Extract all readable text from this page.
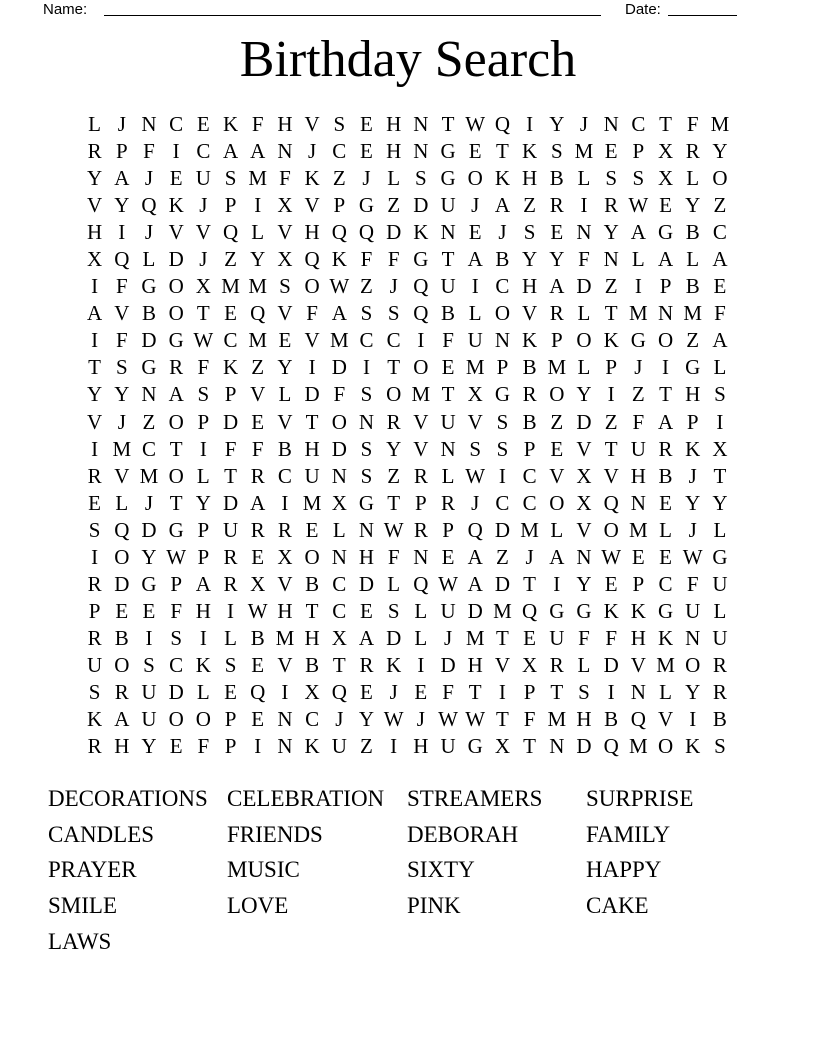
Name:	Date:
Birthday Search
L J N C E K F H V S E H N T W Q I Y J N C T F M
R P F I C A A N J C E H N G E T K S M E P X R Y
Y A J E U S M F K Z J L S G O K H B L S S X L O
V Y Q K J P I X V P G Z D U J A Z R I R W E Y Z
H I J V V Q L V H Q Q D K N E J S E N Y A G B C
X Q L D J Z Y X Q K F F G T A B Y Y F N L A L A
I F G O X M M S O W Z J Q U I C H A D Z I P B E
A V B O T E Q V F A S S Q B L O V R L T M N M F
I F D G W C M E V M C C I F U N K P O K G O Z A
T S G R F K Z Y I D I T O E M P B M L P J I G L
Y Y N A S P V L D F S O M T X G R O Y I Z T H S
V J Z O P D E V T O N R V U V S B Z D Z F A P I
I M C T I F F B H D S Y V N S S P E V T U R K X
R V M O L T R C U N S Z R L W I C V X V H B J T
E L J T Y D A I M X G T P R J C C O X Q N E Y Y
S Q D G P U R R E L N W R P Q D M L V O M L J L
I O Y W P R E X O N H F N E A Z J A N W E E W G
R D G P A R X V B C D L Q W A D T I Y E P C F U
P E E F H I W H T C E S L U D M Q G G K K G U L
R B I S I L B M H X A D L J M T E U F F H K N U
U O S C K S E V B T R K I D H V X R L D V M O R
S R U D L E Q I X Q E J E F T I P T S I N L Y R
K A U O O P E N C J Y W J W W T F M H B Q V I B
R H Y E F P I N K U Z I H U G X T N D Q M O K S
DECORATIONS
CANDLES
PRAYER
SMILE
LAWS
CELEBRATION
FRIENDS
MUSIC
LOVE
STREAMERS
DEBORAH
SIXTY
PINK
SURPRISE
FAMILY
HAPPY
CAKE
